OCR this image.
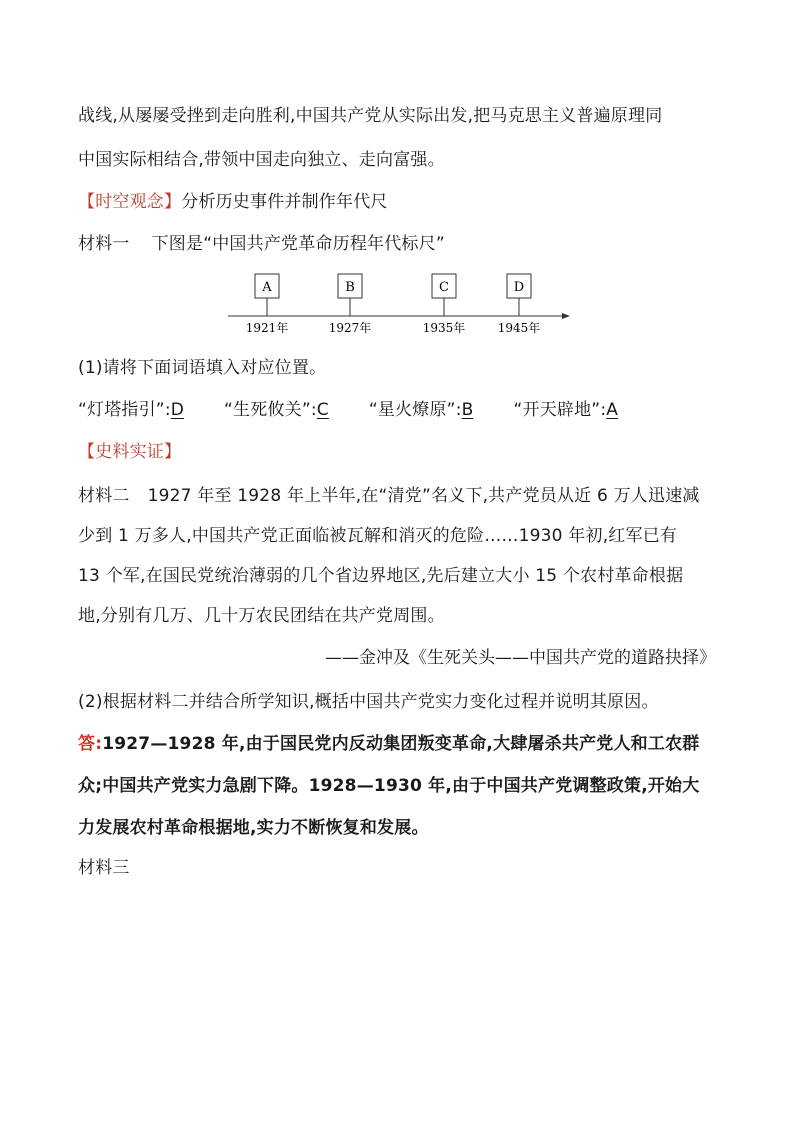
战线,从屡屡受挫到走向胜利,中国共产党从实际出发,把马克思主义普遍原理同
中国实际相结合,带领中国走向独立、走向富强。
【时空观念】分析历史事件并制作年代尺
材料一 下图是“中国共产党革命历程年代标尺”
A
1921年
B
1927年
C
1935年
D
1945年
(1)请将下面词语填入对应位置。
“灯塔指引”:D “生死攸关”:C “星火燎原”:B “开天辟地”:A
【史料实证】
材料二 1927 年至 1928 年上半年,在“清党”名义下,共产党员从近 6 万人迅速减
少到 1 万多人,中国共产党正面临被瓦解和消灭的危险……1930 年初,红军已有
13 个军,在国民党统治薄弱的几个省边界地区,先后建立大小 15 个农村革命根据
地,分别有几万、几十万农民团结在共产党周围。
——金冲及《生死关头——中国共产党的道路抉择》
(2)根据材料二并结合所学知识,概括中国共产党实力变化过程并说明其原因。
答:1927—1928 年,由于国民党内反动集团叛变革命,大肆屠杀共产党人和工农群
众;中国共产党实力急剧下降。1928—1930 年,由于中国共产党调整政策,开始大
力发展农村革命根据地,实力不断恢复和发展。
材料三
